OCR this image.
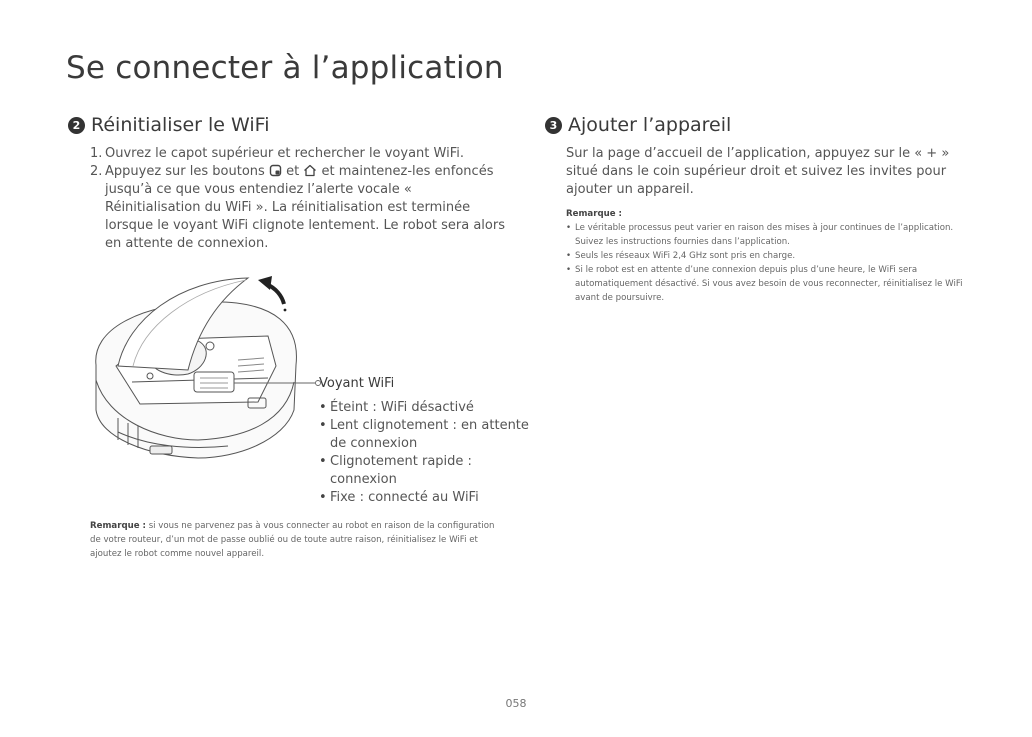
Se connecter à l’application
2 Réinitialiser le WiFi
1. Ouvrez le capot supérieur et rechercher le voyant WiFi.
2. Appuyez sur les boutons et et maintenez-les enfoncés jusqu’à ce que vous entendiez l’alerte vocale « Réinitialisation du WiFi ». La réinitialisation est terminée lorsque le voyant WiFi clignote lentement. Le robot sera alors en attente de connexion.
Voyant WiFi
• Éteint : WiFi désactivé
• Lent clignotement : en attente de connexion
• Clignotement rapide : connexion
• Fixe : connecté au WiFi
Remarque : si vous ne parvenez pas à vous connecter au robot en raison de la configuration de votre routeur, d’un mot de passe oublié ou de toute autre raison, réinitialisez le WiFi et ajoutez le robot comme nouvel appareil.
3 Ajouter l’appareil

Sur la page d’accueil de l’application, appuyez sur le « + » situé dans le coin supérieur droit et suivez les invites pour ajouter un appareil.

Remarque :
• Le véritable processus peut varier en raison des mises à jour continues de l’application. Suivez les instructions fournies dans l’application.
• Seuls les réseaux WiFi 2,4 GHz sont pris en charge.
• Si le robot est en attente d’une connexion depuis plus d’une heure, le WiFi sera automatiquement désactivé. Si vous avez besoin de vous reconnecter, réinitialisez le WiFi avant de poursuivre.
058
